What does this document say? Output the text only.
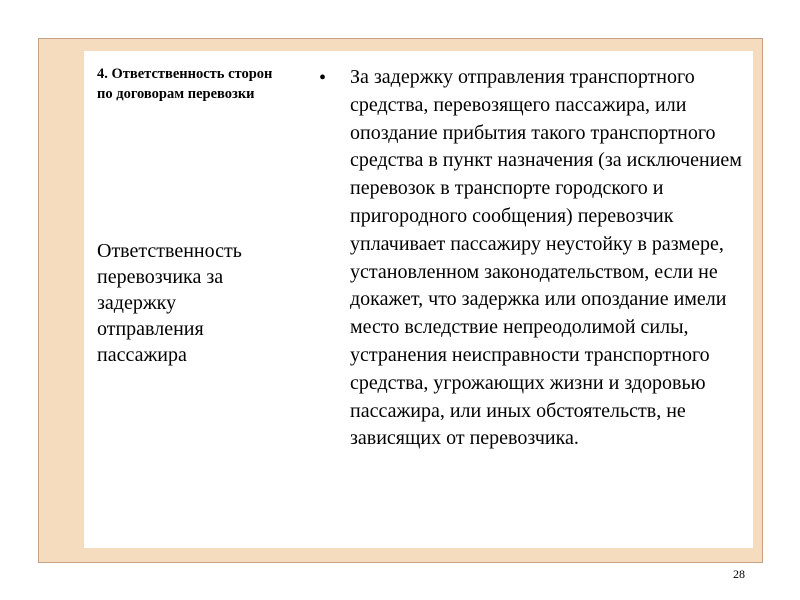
4. Ответственность сторон по договорам перевозки

Ответственность перевозчика за задержку отправления пассажира

• За задержку отправления транспортного средства, перевозящего пассажира, или опоздание прибытия такого транспортного средства в пункт назначения (за исключением перевозок в транспорте городского и пригородного сообщения) перевозчик уплачивает пассажиру неустойку в размере, установленном законодательством, если не докажет, что задержка или опоздание имели место вследствие непреодолимой силы, устранения неисправности транспортного средства, угрожающих жизни и здоровью пассажира, или иных обстоятельств, не зависящих от перевозчика.

28
